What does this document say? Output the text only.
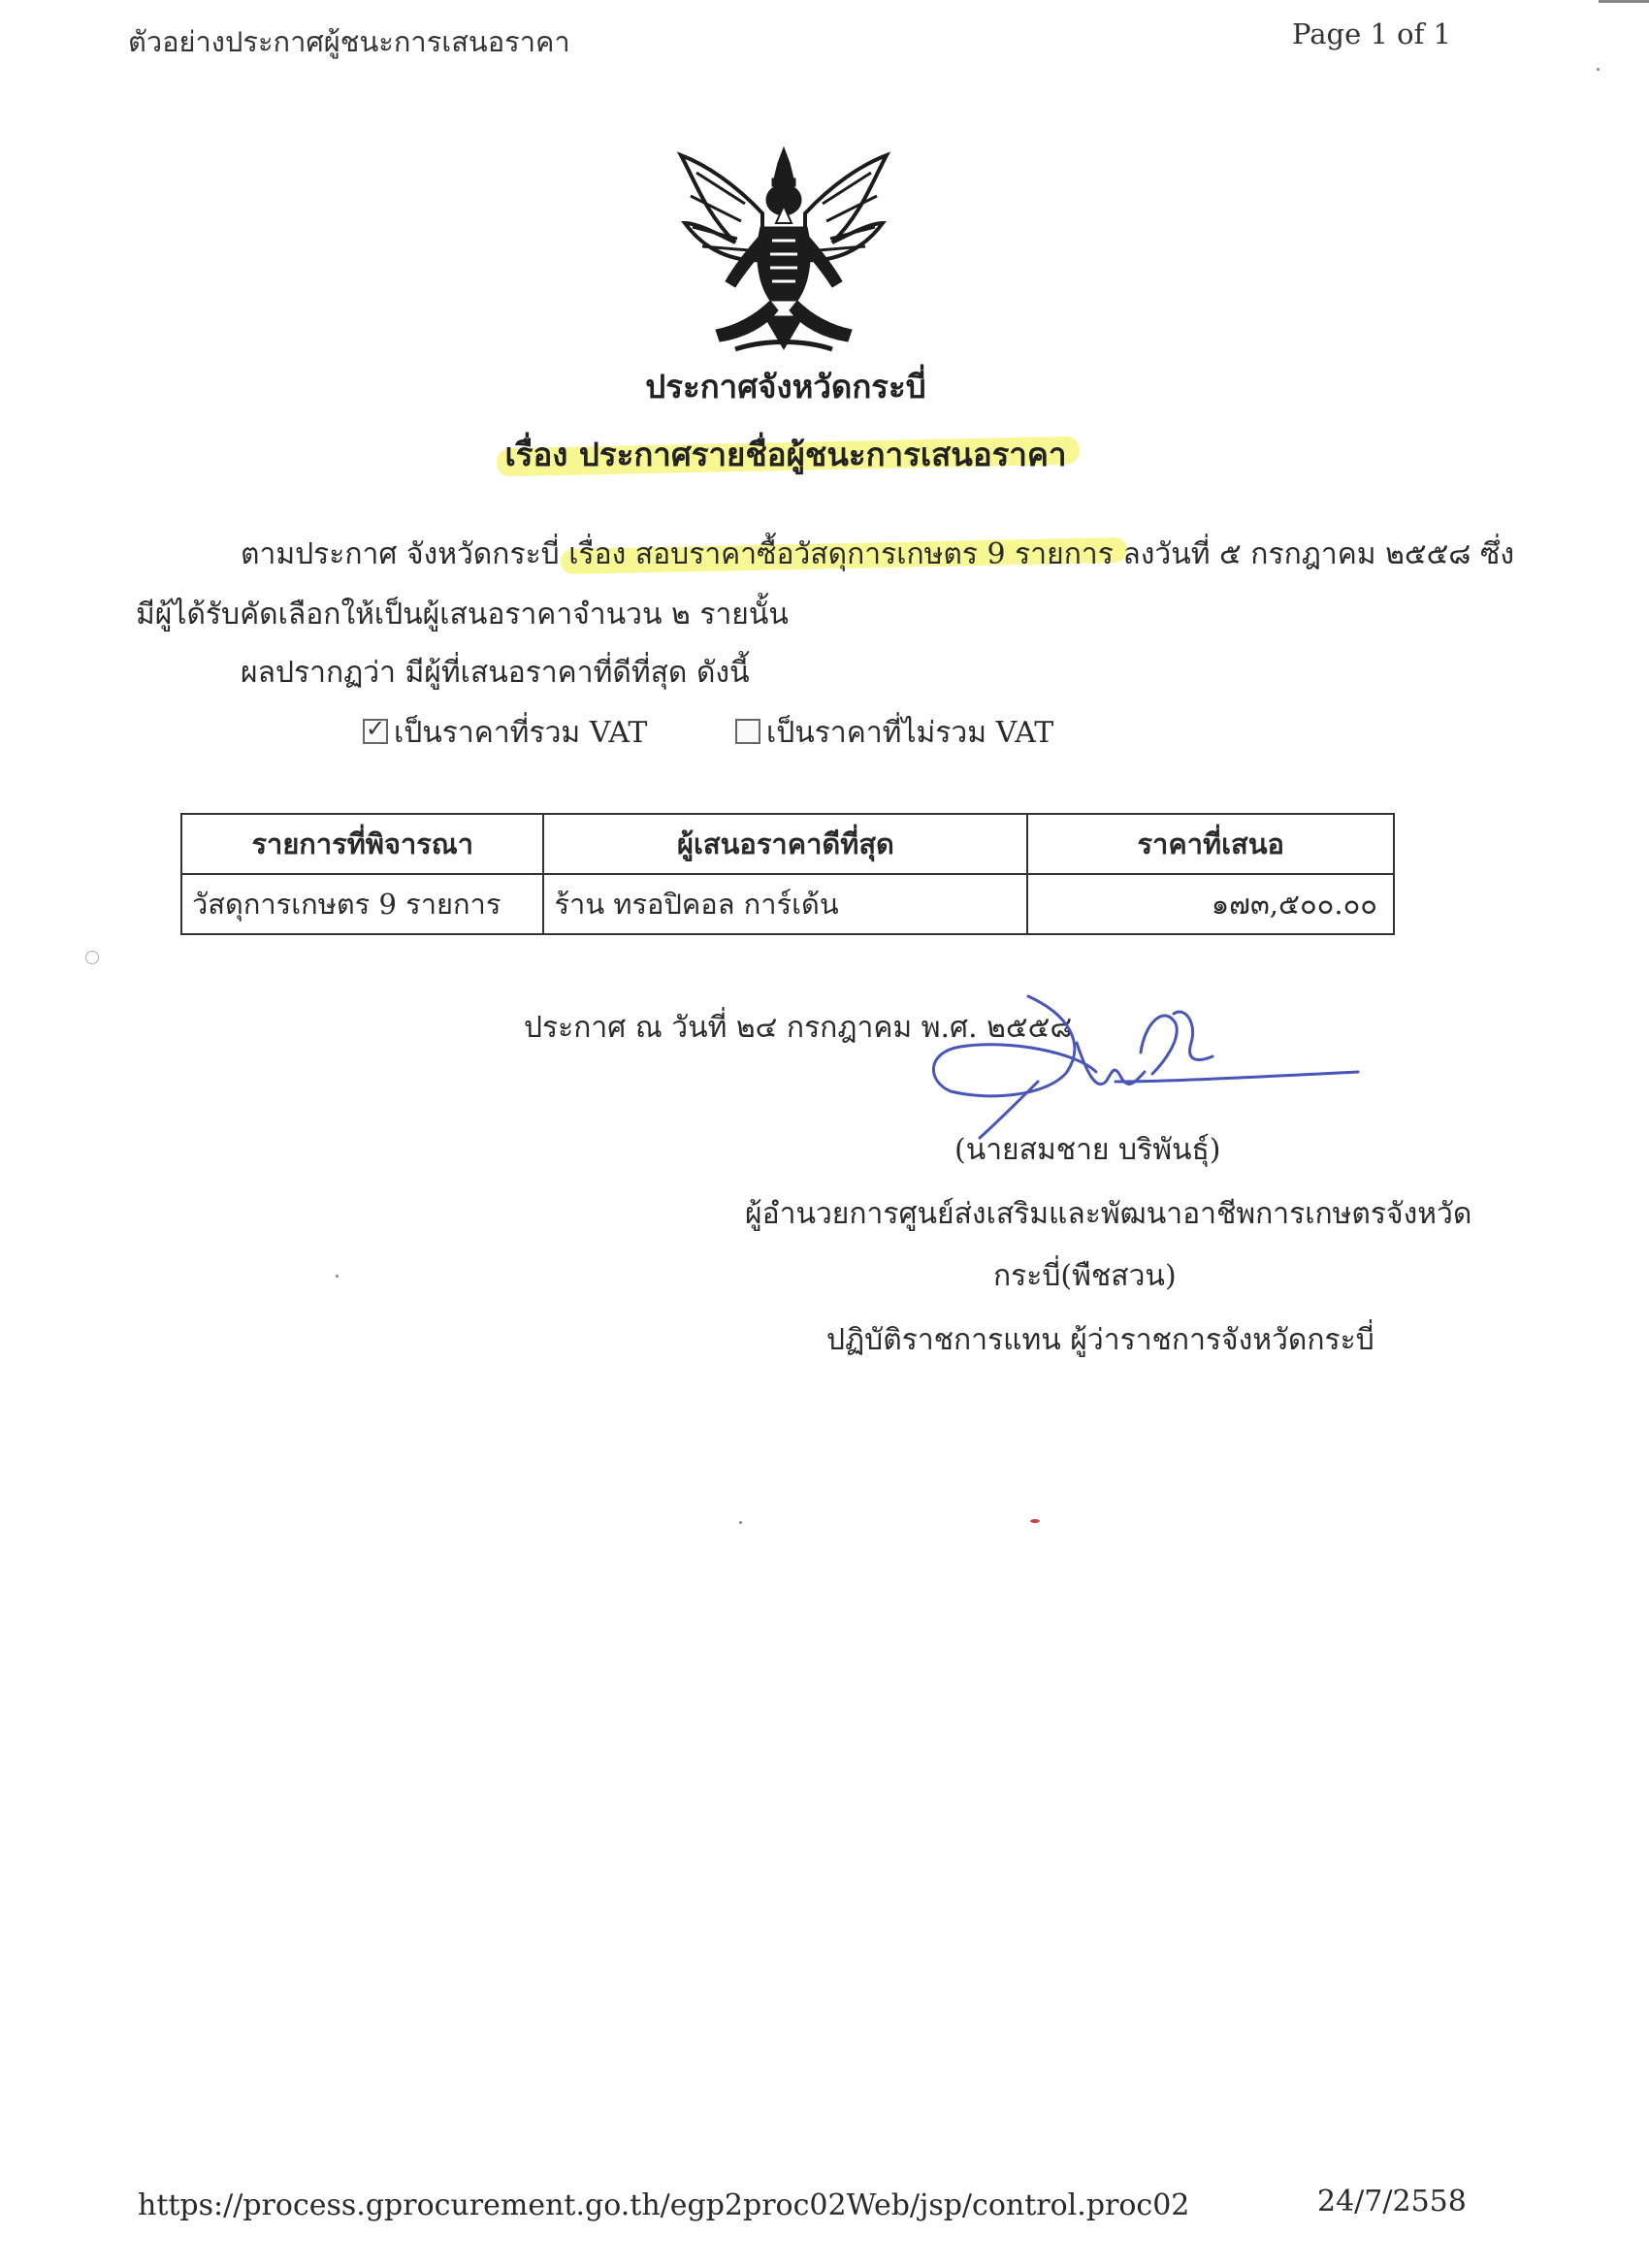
ตัวอย่างประกาศผู้ชนะการเสนอราคา	Page 1 of 1
ประกาศจังหวัดกระบี่
เรื่อง ประกาศรายชื่อผู้ชนะการเสนอราคา
ตามประกาศ จังหวัดกระบี่ เรื่อง สอบราคาซื้อวัสดุการเกษตร 9 รายการ ลงวันที่ ๕ กรกฎาคม ๒๕๕๘ ซึ่ง
มีผู้ได้รับคัดเลือกให้เป็นผู้เสนอราคาจำนวน ๒ รายนั้น
ผลปรากฏว่า มีผู้ที่เสนอราคาที่ดีที่สุด ดังนี้
✓ เป็นราคาที่รวม VAT	เป็นราคาที่ไม่รวม VAT
รายการที่พิจารณา	ผู้เสนอราคาดีที่สุด	ราคาที่เสนอ
วัสดุการเกษตร 9 รายการ	ร้าน ทรอปิคอล การ์เด้น	๑๗๓,๕๐๐.๐๐
ประกาศ ณ วันที่ ๒๔ กรกฎาคม พ.ศ. ๒๕๕๘
(นายสมชาย บริพันธุ์)
ผู้อำนวยการศูนย์ส่งเสริมและพัฒนาอาชีพการเกษตรจังหวัด
กระบี่(พืชสวน)
ปฏิบัติราชการแทน ผู้ว่าราชการจังหวัดกระบี่
https://process.gprocurement.go.th/egp2proc02Web/jsp/control.proc02	24/7/2558
